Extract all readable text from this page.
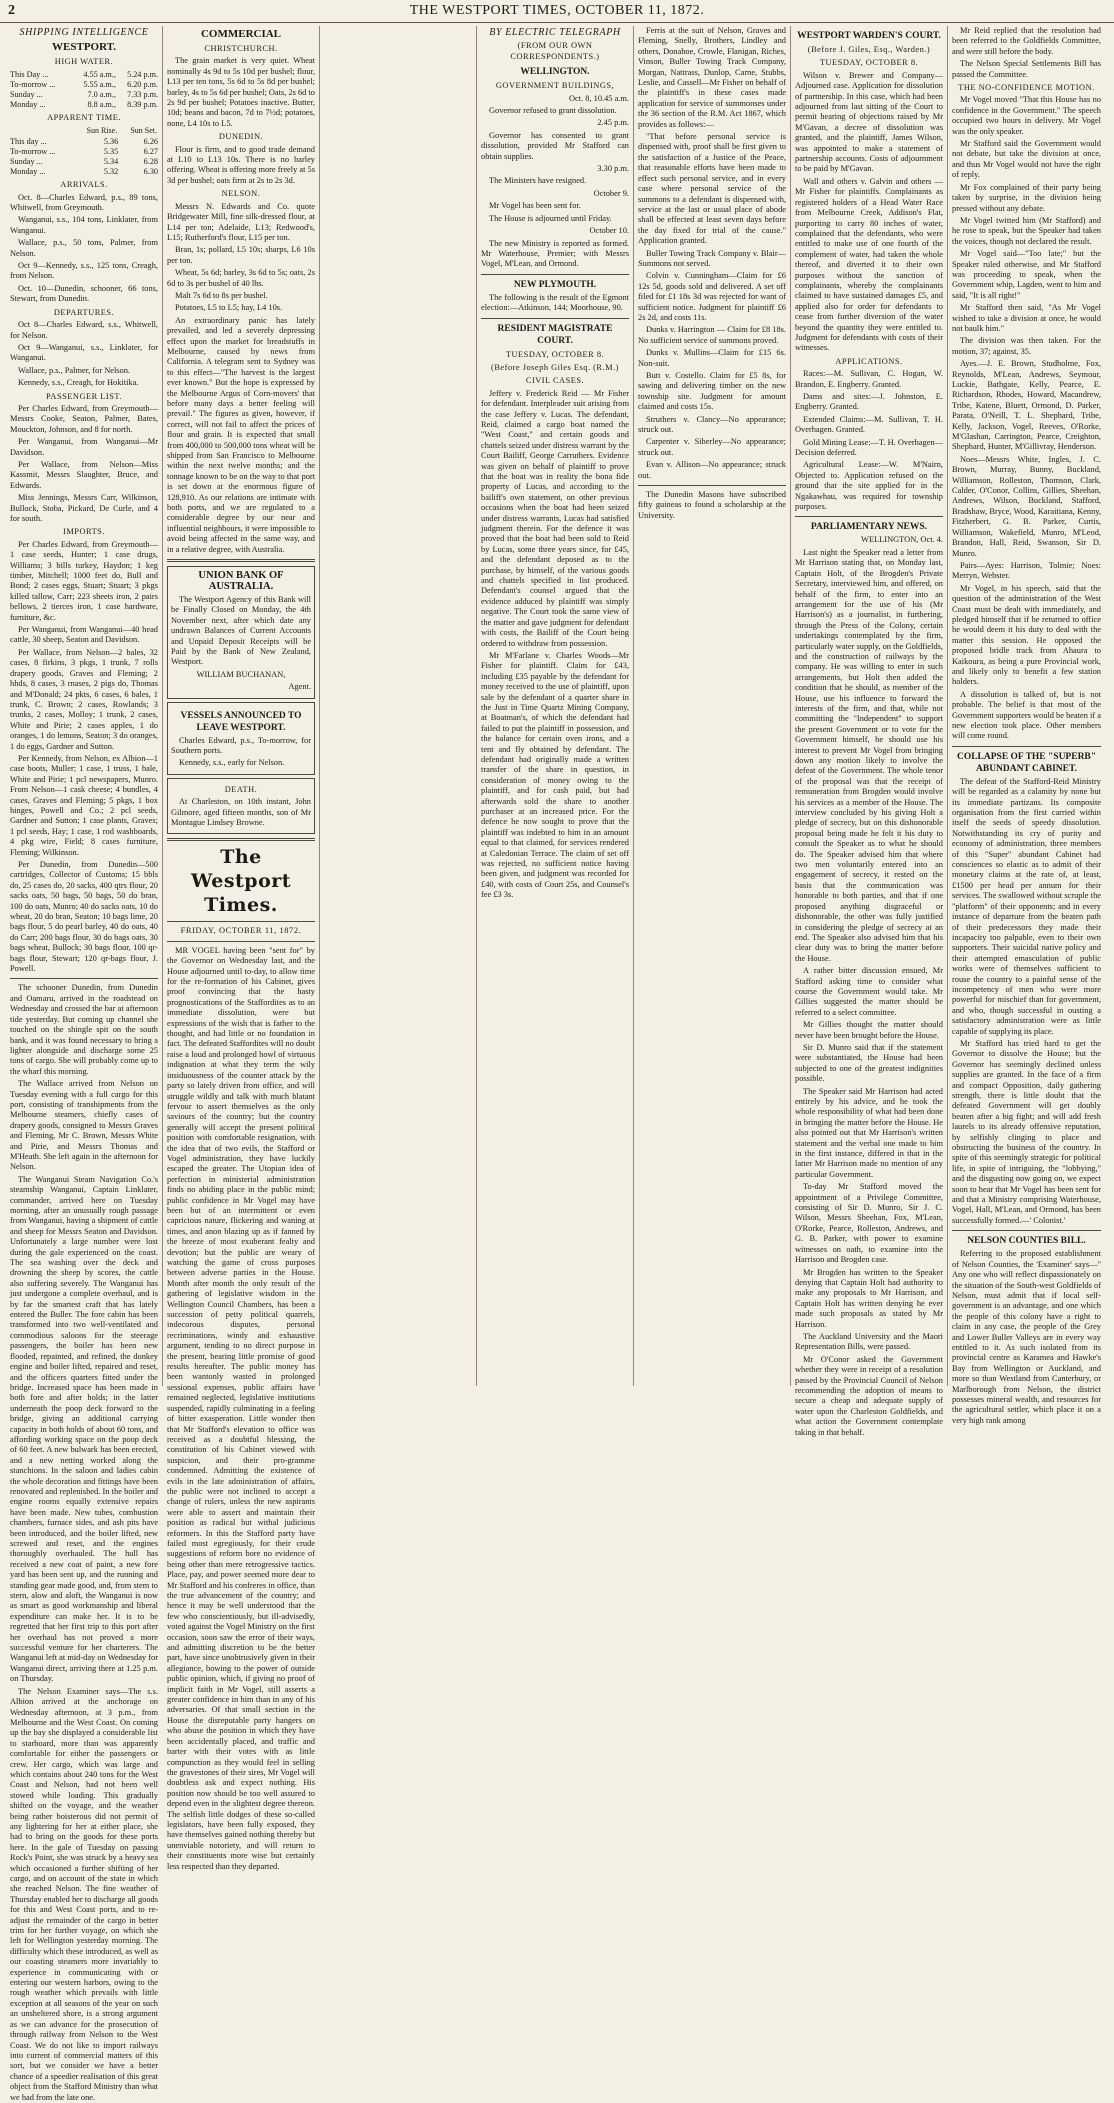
2	THE WESTPORT TIMES, OCTOBER 11, 1872.
SHIPPING INTELLIGENCE
WESTPORT.
HIGH WATER.
This Day ...	4.55 a.m.,	5.24 p.m.
To-morrow ...	5.55 a.m.,	6.20 p.m.
Sunday ...	7.0 a.m.,	7.33 p.m.
Monday ...	8.8 a.m.,	8.39 p.m.
APPARENT TIME.
	Sun Rise.	Sun Set.
This day ...	5.36	6.26
To-morrow ...	5.35	6.27
Sunday ...	5.34	6.28
Monday ...	5.32	6.30
ARRIVALS.

Oct. 8—Charles Edward, p.s., 89 tons, Whitwell, from Greymouth.

Wanganui, s.s., 104 tons, Linklater, from Wanganui.

Wallace, p.s., 50 tons, Palmer, from Nelson.

Oct 9—Kennedy, s.s., 125 tons, Creagh, from Nelson.

Oct. 10—Dunedin, schooner, 66 tons, Stewart, from Dunedin.

DEPARTURES.

Oct 8—Charles Edward, s.s., Whitwell, for Nelson.

Oct 9—Wanganui, s.s., Linklater, for Wanganui.

Wallace, p.s., Palmer, for Nelson.

Kennedy, s.s., Creagh, for Hokitika.

PASSENGER LIST.

Per Charles Edward, from Greymouth—Messrs Cooke, Seaton, Palmer, Bates, Mouckton, Johnson, and 8 for north.

Per Wanganui, from Wanganui—Mr Davidson.

Per Wallace, from Nelson—Miss Kassmit, Messrs Slaughter, Bruce, and Edwards.

Miss Jennings, Messrs Carr, Wilkinson, Bullock, Stoba, Pickard, De Curle, and 4 for south.

IMPORTS.

Per Charles Edward, from Greymouth—1 case seeds, Hunter; 1 case drugs, Williams; 3 bills turkey, Haydon; 1 keg timber, Mitchell; 1000 feet do, Bull and Bond; 2 cases eggs, Stuart; Stuart; 3 pkgs killed tallow, Carr; 223 sheets iron, 2 pairs bellows, 2 tierces iron, 1 case hardware, furniture, &c.

Per Wanganui, from Wanganui—40 head cattle, 30 sheep, Seaton and Davidson.

Per Wallace, from Nelson—2 bales, 32 cases, 8 firkins, 3 pkgs, 1 trunk, 7 rolls drapery goods, Graves and Fleming; 2 hhds, 8 cases, 3 rnases, 2 pigs do, Thomas and M'Donald; 24 pkts, 6 cases, 6 bales, 1 trunk, C. Brown; 2 cases, Rowlands; 3 trunks, 2 cases, Molloy; 1 trunk, 2 cases, White and Pirie; 2 cases apples, 1 do oranges, 1 do lemons, Seaton; 3 do oranges, 1 do eggs, Gardner and Sutton.

Per Kennedy, from Nelson, ex Albion—1 case boots, Muller; 1 case, 1 truss, 1 bale, White and Pirie; 1 pcl newspapers, Munro. From Nelson—1 cask cheese; 4 bundles, 4 cases, Graves and Fleming; 5 pkgs, 1 box hinges, Powell and Co.; 2 pcl seeds, Gardner and Sutton; 1 case plants, Graves; 1 pcl seeds, Hay; 1 case, 1 rod washboards, 4 pkg wire, Field; 8 cases furniture, Fleming; Wilkinson.

Per Dunedin, from Dunedin—500 cartridges, Collector of Customs; 15 bbls do, 25 cases do, 20 sacks, 400 qtrs flour, 20 sacks oats, 50 bags, 50 bags, 50 do bran, 100 do oats, Munro; 40 do sacks oats, 10 do wheat, 20 do bran, Seaton; 10 bags lime, 20 bags flour, 5 do pearl barley, 40 do oats, 40 do Carr; 200 bags flour, 30 do bags oats, 30 bags wheat, Bullock; 30 bags flour, 100 qr-bags flour, Stewart; 120 qr-bags flour, J. Powell.

The schooner Dunedin, from Dunedin and Oamaru, arrived in the roadstead on Wednesday and crossed the bar at afternoon tide yesterday. But coming up channel she touched on the shingle spit on the south bank, and it was found necessary to bring a lighter alongside and discharge some 25 tons of cargo. She will probably come up to the wharf this morning.

The Wallace arrived from Nelson on Tuesday evening with a full cargo for this port, consisting of transhipments from the Melbourne steamers, chiefly cases of drapery goods, consigned to Messrs Graves and Fleming, Mr C. Brown, Messrs White and Pirie, and Messrs Thomas and M'Heath. She left again in the afternoon for Nelson.

The Wanganui Steam Navigation Co.'s steamship Wanganui, Captain Linklater, commander, arrived here on Tuesday morning, after an unusually rough passage from Wanganui, having a shipment of cattle and sheep for Messrs Seaton and Davidson. Unfortunately a large number were lost during the gale experienced on the coast. The sea washing over the deck and drowning the sheep by scores, the cattle also suffering severely. The Wanganui has just undergone a complete overhaul, and is by far the smartest craft that has lately entered the Buller. The fore cabin has been transformed into two well-ventilated and commodious saloons for the steerage passengers, the boiler has been new flooded, repainted, and refined, the donkey engine and boiler lifted, repaired and reset, and the officers quarters fitted under the bridge. Increased space has been made in both fore and after holds; in the latter underneath the poop deck forward to the bridge, giving an additional carrying capacity in both holds of about 60 tons, and affording working space on the poop deck of 60 feet. A new bulwark has been erected, and a new netting worked along the stanchions. In the saloon and ladies cabin the whole decoration and fittings have been renovated and replenished. In the boiler and engine rooms equally extensive repairs have been made. New tubes, combustion chambers, furnace sides, and ash pits have been introduced, and the boiler lifted, new screwed and reset, and the engines thoroughly overhauled. The hull has received a new coat of paint, a new fore yard has been sent up, and the running and standing gear made good, and, from stem to stern, alow and aloft, the Wanganui is now as smart as good workmanship and liberal expenditure can make her. It is to be regretted that her first trip to this port after her overhaul has not proved a more successful venture for her charterers. The Wanganui left at mid-day on Wednesday for Wanganui direct, arriving there at 1.25 p.m. on Thursday.

The Nelson Examiner says—The s.s. Albion arrived at the anchorage on Wednesday afternoon, at 3 p.m., from Melbourne and the West Coast. On coming up the bay she displayed a considerable list to starboard, more than was apparently comfortable for either the passengers or crew. Her cargo, which was large and which contains about 240 tons for the West Coast and Nelson, had not been well stowed while loading. This gradually shifted on the voyage, and the weather being rather boisterous did not permit of any lightering for her at either place, she had to bring on the goods for these ports here. In the gale of Tuesday on passing Rock's Point, she was struck by a heavy sea which occasioned a further shifting of her cargo, and on account of the state in which she reached Nelson. The fine weather of Thursday enabled her to discharge all goods for this and West Coast ports, and to re-adjust the remainder of the cargo in better trim for her further voyage, on which she left for Wellington yesterday morning. The difficulty which these introduced, as well as our coasting steamers more invariably to experience in communicating with or entering our western harbors, owing to the rough weather which prevails with little exception at all seasons of the year on such an unsheltered shore, is a strong argument as we can advance for the prosecution of through railway from Nelson to the West Coast. We do not like to import railways into current of commercial matters of this sort, but we consider we have a better chance of a speedier realisation of this great object from the Stafford Ministry than what we had from the late one.

COMMERCIAL
CHRISTCHURCH.

The grain market is very quiet. Wheat nominally 4s 9d to 5s 10d per bushel; flour, L13 per ten tons, 5s 6d to 5s 8d per bushel; barley, 4s to 5s 6d per bushel; Oats, 2s 6d to 2s 9d per bushel; Potatoes inactive. Butter, 10d; beans and bacon, 7d to 7½d; potatoes, none, L4 10s to L5.

DUNEDIN.

Flour is firm, and to good trade demand at L10 to L13 10s. There is no barley offering. Wheat is offering more freely at 5s 3d per bushel; oats firm at 2s to 2s 3d.

NELSON.

Messrs N. Edwards and Co. quote Bridgewater Mill, fine silk-dressed flour, at L14 per ton; Adelaide, L13; Redwood's, L15; Rutherford's flour, L15 per ton.

Bran, 1s; pollard, L5 10s; sharps, L6 10s per ton.

Wheat, 5s 6d; barley, 3s 6d to 5s; oats, 2s 6d to 3s per bushel of 40 lbs.

Malt 7s 6d to 8s per bushel.

Potatoes, L5 to L5; hay, L4 10s.

An extraordinary panic has lately prevailed, and led a severely depressing effect upon the market for breadstuffs in Melbourne, caused by news from California. A telegram sent to Sydney was to this effect—"The harvest is the largest ever known." But the hope is expressed by the Melbourne Argus of Corn-movers' that before many days a better feeling will prevail." The figures as given, however, if correct, will not fail to affect the prices of flour and grain. It is expected that small from 400,000 to 500,000 tons wheat will be shipped from San Francisco to Melbourne within the next twelve months; and the tonnage known to be on the way to that port is set down at the enormous figure of 128,910. As our relations are intimate with both ports, and we are regulated to a considerable degree by our near and influential neighbours, it were impossible to avoid being affected in the same way, and in a relative degree, with Australia.

UNION BANK OF AUSTRALIA.

The Westport Agency of this Bank will be Finally Closed on Monday, the 4th November next, after which date any undrawn Balances of Current Accounts and Unpaid Deposit Receipts will be Paid by the Bank of New Zealand, Westport.

WILLIAM BUCHANAN,

Agent.

VESSELS ANNOUNCED TO LEAVE WESTPORT.

Charles Edward, p.s., To-morrow, for Southern ports.

Kennedy, s.s., early for Nelson.

DEATH.

At Charleston, on 10th instant, John Gilmore, aged fifteen months, son of Mr Montague Lindsey Browne.

The Westport Times.
FRIDAY, OCTOBER 11, 1872.

MR VOGEL having been "sent for" by the Governor on Wednesday last, and the House adjourned until to-day, to allow time for the re-formation of his Cabinet, gives proof convincing that the hasty prognostications of the Staffordites as to an immediate dissolution, were but expressions of the wish that is father to the thought, and had little or no foundation in fact. The defeated Staffordites will no doubt raise a loud and prolonged howl of virtuous indignation at what they term the wily insiduousness of the counter attack by the party so lately driven from office, and will struggle wildly and talk with much blatant fervour to assert themselves as the only saviours of the country; but the country generally will accept the present political position with comfortable resignation, with the idea that of two evils, the Stafford or Vogel administration, they have luckily escaped the greater. The Utopian idea of perfection in ministerial administration finds no abiding place in the public mind; public confidence in Mr Vogel may have been but of an intermittent or even capricious nature, flickering and waning at times, and anon blazing up as if fanned by the breeze of most exuberant fealty and devotion; but the public are weary of watching the game of cross purposes between adverse parties in the House. Month after month the only result of the gathering of legislative wisdom in the Wellington Council Chambers, has been a succession of petty political quarrels, indecorous disputes, personal recriminations, windy and exhaustive argument, tending to no direct purpose in the present, bearing little promise of good results hereafter. The public money has been wantonly wasted in prolonged sessional expenses, public affairs have remained neglected, legislative institutions suspended, rapidly culminating in a feeling of bitter exasperation. Little wonder then that Mr Stafford's elevation to office was received as a doubtful blessing, the constitution of his Cabinet viewed with suspicion, and their pro-gramme condemned. Admitting the existence of evils in the late administration of affairs, the public were not inclined to accept a change of rulers, unless the new aspirants were able to assert and maintain their position as radical but withal judicious reformers. In this the Stafford party have failed most egregiously, for their crude suggestions of reform bore no evidence of being other than mere retrogressive tactics. Place, pay, and power seemed more dear to Mr Stafford and his confreres in office, than the true advancement of the country; and hence it may be well understood that the few who conscientiously, but ill-advisedly, voted against the Vogel Ministry on the first occasion, soon saw the error of their ways, and admitting discretion to be the better part, have since unobtrusively given in their allegiance, bowing to the power of outside public opinion, which, if giving no proof of implicit faith in Mr Vogel, still asserts a greater confidence in him than in any of his adversaries. Of that small section in the House the disreputable party hangers on who abuse the position in which they have been accidentally placed, and traffic and barter with their votes with as little compunction as they would feel in selling the gravestones of their sires, Mr Vogel will doubtless ask and expect nothing. His position now should be too well assured to depend even in the slightest degree thereon. The selfish little dodges of these so-called legislators, have been fully exposed, they have themselves gained nothing thereby but unenviable notoriety, and will return to their constituents more wise but certainly less respected than they departed.

BY ELECTRIC TELEGRAPH
(FROM OUR OWN CORRESPONDENTS.)
WELLINGTON.
GOVERNMENT BUILDINGS,

Oct. 8, 10.45 a.m.

Governor refused to grant dissolution.

2.45 p.m.

Governor has consented to grant dissolution, provided Mr Stafford can obtain supplies.

3.30 p.m.

The Ministers have resigned.

October 9.

Mr Vogel has been sent for.

The House is adjourned until Friday.

October 10.

The new Ministry is reported as formed. Mr Waterhouse, Premier; with Messrs Vogel, M'Lean, and Ormond.

NEW PLYMOUTH.

The following is the result of the Egmont election:—Atkinson, 144; Moorhouse, 90.

RESIDENT MAGISTRATE COURT.
TUESDAY, OCTOBER 8.
(Before Joseph Giles Esq. (R.M.)
CIVIL CASES.

Jeffery v. Frederick Reid — Mr Fisher for defendant. Interpleader suit arising from the case Jeffery v. Lucas. The defendant, Reid, claimed a cargo boat named the "West Coast," and certain goods and chattels seized under distress warrant by the Court Bailiff, George Carruthers. Evidence was given on behalf of plaintiff to prove that the boat was in reality the bona fide property of Lucas, and according to the bailiff's own statement, on other previous occasions when the boat had been seized under distress warrants, Lucas had satisfied judgment therein. For the defence it was proved that the boat had been sold to Reid by Lucas, some three years since, for £45, and the defendant deposed as to the purchase, by himself, of the various goods and chattels specified in list produced. Defendant's counsel argued that the evidence adduced by plaintiff was simply negative. The Court took the same view of the matter and gave judgment for defendant with costs, the Bailiff of the Court being ordered to withdraw from possession.

Mr M'Farlane v. Charles Woods—Mr Fisher for plaintiff. Claim for £43, including £35 payable by the defendant for money received to the use of plaintiff, upon sale by the defendant of a quarter share in the Just in Time Quartz Mining Company, at Boatman's, of which the defendant had failed to put the plaintiff in possession, and the balance for certain oven irons, and a tent and fly obtained by defendant. The defendant had originally made a written transfer of the share in question, in consideration of money owing to the plaintiff, and for cash paid, but had afterwards sold the share to another purchaser at an increased price. For the defence he now sought to prove that the plaintiff was indebted to him in an amount equal to that claimed, for services rendered at Caledonian Terrace. The claim of set off was rejected, no sufficient notice having been given, and judgment was recorded for £40, with costs of Court 25s, and Counsel's fee £3 3s.

Ferris at the suit of Nelson, Graves and Fleming, Snelly, Brothers, Lindley and others, Donahoe, Crowle, Flanigan, Riches, Vinson, Buller Towing Track Company, Morgan, Nattrass, Dunlop, Carne, Stubbs, Leslie, and Cassell—Mr Fisher on behalf of the plaintiff's in these cases made application for service of summonses under the 36 section of the R.M. Act 1867, which provides as follows:—

"That before personal service is dispensed with, proof shall be first given to the satisfaction of a Justice of the Peace, that reasonable efforts have been made to effect such personal service, and in every case where personal service of the summons to a defendant is dispensed with, service at the last or usual place of abode shall be effected at least seven days before the day fixed for trial of the cause." Application granted.

Buller Towing Track Company v. Blair—Summons not served.

Colvin v. Cunningham—Claim for £6 12s 5d, goods sold and delivered. A set off filed for £1 18s 3d was rejected for want of sufficient notice. Judgment for plaintiff £6 2s 2d, and costs 11s.

Dunks v. Harrington — Claim for £8 18s. No sufficient service of summons proved.

Dunks v. Mullins—Claim for £15 6s. Non-suit.

Butt v. Costello. Claim for £5 8s, for sawing and delivering timber on the new township site. Judgment for amount claimed and costs 15s.

Struthers v. Clancy—No appearance; struck out.

Carpenter v. Siberley—No appearance; struck out.

Evan v. Allison—No appearance; struck out.

The Dunedin Masons have subscribed fifty guineas to found a scholarship at the University.

WESTPORT WARDEN'S COURT.
(Before J. Giles, Esq., Warden.)
TUESDAY, OCTOBER 8.

Wilson v. Brewer and Company—Adjourned case. Application for dissolution of partnership. In this case, which had been adjourned from last sitting of the Court to permit hearing of objections raised by Mr M'Gavan, a decree of dissolution was granted, and the plaintiff, James Wilson, was appointed to make a statement of partnership accounts. Costs of adjournment to be paid by M'Gavan.

Wall and others v. Galvin and others — Mr Fisher for plaintiffs. Complainants as registered holders of a Head Water Race from Melbourne Creek, Addison's Flat, purporting to carry 80 inches of water, complained that the defendants, who were entitled to make use of one fourth of the complement of water, had taken the whole thereof, and diverted it to their own purposes without the sanction of complainants, whereby the complainants claimed to have sustained damages £5, and applied also for order for defendants to cease from further diversion of the water beyond the quantity they were entitled to. Judgment for defendants with costs of their witnesses.

APPLICATIONS.

Races:—M. Sullivan, C. Hogan, W. Brandon, E. Engberry. Granted.

Dams and sites:—J. Johnston, E. Engberry. Granted.

Extended Claims:—M. Sullivan, T. H. Overhagen. Granted.

Gold Mining Lease:—T. H. Overhagen—Decision deferred.

Agricultural Lease:—W. M'Nairn, Objected to. Application refused on the ground that the site applied for in the Ngakawhau, was required for township purposes.

PARLIAMENTARY NEWS.

WELLINGTON, Oct. 4.

Last night the Speaker read a letter from Mr Harrison stating that, on Monday last, Captain Holt, of the Brogden's Private Secretary, interviewed him, and offered, on behalf of the firm, to enter into an arrangement for the use of his (Mr Harrison's) as a journalist, in furthering, through the Press of the Colony, certain undertakings contemplated by the firm, particularly water supply, on the Goldfields, and the construction of railways by the company. He was willing to enter in such arrangements, but Holt then added the condition that he should, as member of the House, use his influence to forward the interests of the firm, and that, while not committing the "Independent" to support the present Government or to vote for the Government himself, he should use his interest to prevent Mr Vogel from bringing down any motion likely to involve the defeat of the Government. The whole tenor of the proposal was that the receipt of remuneration from Brogden would involve his services as a member of the House. The interview concluded by his giving Holt a pledge of secrecy, but on this dishonorable proposal being made he felt it his duty to consult the Speaker as to what he should do. The Speaker advised him that where two men voluntarily entered into an engagement of secrecy, it rested on the basis that the communication was honorable to both parties, and that if one proposed anything disgraceful or dishonorable, the other was fully justified in considering the pledge of secrecy at an end. The Speaker also advised him that his clear duty was to bring the matter before the House.

A rather bitter discussion ensued, Mr Stafford asking time to consider what course the Government would take. Mr Gillies suggested the matter should be referred to a select committee.

Mr Gillies thought the matter should never have been brought before the House.

Sir D. Munro said that if the statement were substantiated, the House had been subjected to one of the greatest indignities possible.

The Speaker said Mr Harrison had acted entirely by his advice, and he took the whole responsibility of what had been done in bringing the matter before the House. He also pointed out that Mr Harrison's written statement and the verbal one made to him in the first instance, differed in that in the latter Mr Harrison made no mention of any particular Government.

To-day Mr Stafford moved the appointment of a Privilege Committee, consisting of Sir D. Munro, Sir J. C. Wilson, Messrs Sheehan, Fox, M'Lean, O'Rorke, Pearce, Rolleston, Andrews, and G. B. Parker, with power to examine witnesses on oath, to examine into the Harrison and Brogden case.

Mr Brogden has written to the Speaker denying that Captain Holt had authority to make any proposals to Mr Harrison, and Captain Holt has written denying he ever made such proposals as stated by Mr Harrison.

The Auckland University and the Maori Representation Bills, were passed.

Mr O'Conor asked the Government whether they were in receipt of a resolution passed by the Provincial Council of Nelson recommending the adoption of means to secure a cheap and adequate supply of water upon the Charleston Goldfields, and what action the Government contemplate taking in that behalf.

Mr Reid replied that the resolution had been referred to the Goldfields Committee, and were still before the body.

The Nelson Special Settlements Bill has passed the Committee.

THE NO-CONFIDENCE MOTION.

Mr Vogel moved "That this House has no confidence in the Government." The speech occupied two hours in delivery. Mr Vogel was the only speaker.

Mr Stafford said the Government would not debate, but take the division at once, and thus Mr Vogel would not have the right of reply.

Mr Fox complained of their party being taken by surprise, in the division being pressed without any debate.

Mr Vogel twitted him (Mr Stafford) and he rose to speak, but the Speaker had taken the voices, though not declared the result.

Mr Vogel said—"Too late;" but the Speaker ruled otherwise, and Mr Stafford was proceeding to speak, when the Government whip, Lagden, went to him and said, "It is all right!"

Mr Stafford then said, "As Mr Vogel wished to take a division at once, he would not baulk him."

The division was then taken. For the motion, 37; against, 35.

Ayes.—J. E. Brown, Studholme, Fox, Reynolds, M'Lean, Andrews, Seymour, Luckie, Bathgate, Kelly, Pearce, E. Richardson, Rhodes, Howard, Macandrew, Tribe, Katene, Bluett, Ormond, D. Parker, Parata, O'Neill, T. L. Shephard, Tribe, Kelly, Jackson, Vogel, Reeves, O'Rorke, M'Glashan, Carrington, Pearce, Creighton, Shephard, Hunter, M'Gillivray, Henderson.

Noes—Messrs White, Ingles, J. C. Brown, Murray, Bunny, Buckland, Williamson, Rolleston, Thomson, Clark, Calder, O'Conor, Collins, Gillies, Sheehan, Andrews, Wilson, Buckland, Stafford, Bradshaw, Bryce, Wood, Karaitiana, Kenny, Fitzherbert, G. B. Parker, Curtis, Williamson, Wakefield, Munro, M'Leod, Brandon, Hall, Reid, Swanson, Sir D. Munro.

Pairs—Ayes: Harrison, Tolmie; Noes: Merryn, Webster.

Mr Vogel, in his speech, said that the question of the administration of the West Coast must be dealt with immediately, and pledged himself that if he returned to office he would deem it his duty to deal with the matter this session. He opposed the proposed bridle track from Ahaura to Kaikoura, as being a pure Provincial work, and likely only to benefit a few station holders.

A dissolution is talked of, but is not probable. The belief is that most of the Government supporters would be beaten if a new election took place. Other members will come round.

COLLAPSE OF THE "SUPERB" ABUNDANT CABINET.

The defeat of the Stafford-Reid Ministry will be regarded as a calamity by none but its immediate partizans. Its composite organisation from the first carried within itself the seeds of speedy dissolution. Notwithstanding its cry of purity and economy of administration, three members of this "Super" abundant Cabinet had consciences so elastic as to admit of their monetary claims at the rate of, at least, £1500 per head per annum for their services. The swallowed without scruple the "platform" of their opponents; and in every instance of departure from the beaten path of their predecessors they made their incapacity too palpable, even to their own supporters. Their suicidal native policy and their attempted emasculation of public works were of themselves sufficient to rouse the country to a painful sense of the incompetency of men who were more powerful for mischief than for government, and who, though successful in ousting a satisfactory administration were as little capable of supplying its place.

Mr Stafford has tried hard to get the Governor to dissolve the House; but the Governor has seemingly declined unless supplies are granted. In the face of a firm and compact Opposition, daily gathering strength, there is little doubt that the defeated Government will get doubly beaten after a big fight; and will add fresh laurels to its already offensive reputation, by selfishly clinging to place and obstructing the business of the country. In spite of this seemingly strategic for political life, in spite of intriguing, the "lobbying," and the disgusting now going on, we expect soon to hear that Mr Vogel has been sent for and that a Ministry comprising Waterhouse, Vogel, Hall, M'Lean, and Ormond, has been successfully formed.—' Colonist.'

NELSON COUNTIES BILL.

Referring to the proposed establishment of Nelson Counties, the 'Examiner' says—" Any one who will reflect dispassionately on the situation of the South-west Goldfields of Nelson, must admit that if local self-government is an advantage, and one which the people of this colony have a right to claim in any case, the people of the Grey and Lower Buller Valleys are in every way entitled to it. As such isolated from its provincial centre as Karamea and Hawke's Bay from Wellington or Auckland, and more so than Westland from Canterbury, or Marlborough from Nelson, the district possesses mineral wealth, and resources for the agricultural settler, which place it on a very high rank among
